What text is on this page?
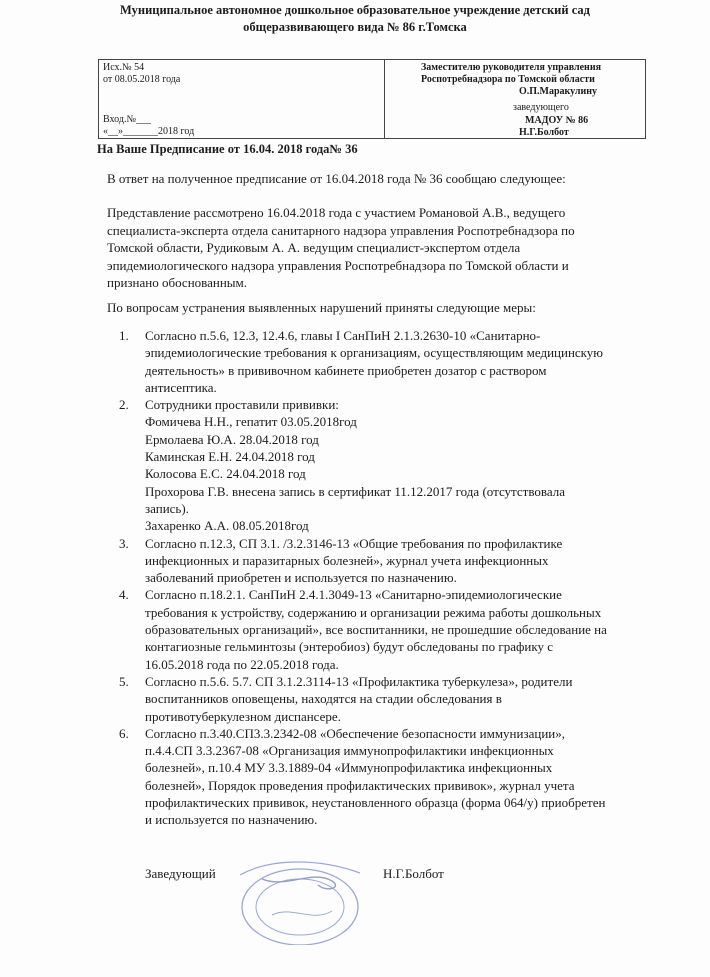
Муниципальное автономное дошкольное образовательное учреждение детский сад
общеразвивающего вида № 86 г.Томска
Исх.№ 54
от 08.05.2018 года
Вход.№___
«__»_______2018 год
Заместителю руководителя управления
Роспотребнадзора по Томской области
О.П.Маракулину
заведующего
МАДОУ № 86
Н.Г.Болбот
На Ваше Предписание от 16.04. 2018 года№ 36
В ответ на полученное предписание от 16.04.2018 года № 36 сообщаю следующее:
Представление рассмотрено 16.04.2018 года с участием Романовой А.В., ведущего
специалиста-эксперта отдела санитарного надзора управления Роспотребнадзора по
Томской области, Рудиковым А. А. ведущим специалист-экспертом отдела
эпидемиологического надзора управления Роспотребнадзора по Томской области и
признано обоснованным.
По вопросам устранения выявленных нарушений приняты следующие меры:
1. Согласно п.5.6, 12.3, 12.4.6, главы I СанПиН 2.1.3.2630-10 «Санитарно-
эпидемиологические требования к организациям, осуществляющим медицинскую
деятельность» в прививочном кабинете приобретен дозатор с раствором
антисептика.
2. Сотрудники проставили прививки:
Фомичева Н.Н., гепатит 03.05.2018год
Ермолаева Ю.А. 28.04.2018 год
Каминская Е.Н. 24.04.2018 год
Колосова Е.С. 24.04.2018 год
Прохорова Г.В. внесена запись в сертификат 11.12.2017 года (отсутствовала
запись).
Захаренко А.А. 08.05.2018год
3. Согласно п.12.3, СП 3.1. /3.2.3146-13 «Общие требования по профилактике
инфекционных и паразитарных болезней», журнал учета инфекционных
заболеваний приобретен и используется по назначению.
4. Согласно п.18.2.1. СанПиН 2.4.1.3049-13 «Санитарно-эпидемиологические
требования к устройству, содержанию и организации режима работы дошкольных
образовательных организаций», все воспитанники, не прошедшие обследование на
контагиозные гельминтозы (энтеробиоз) будут обследованы по графику с
16.05.2018 года по 22.05.2018 года.
5. Согласно п.5.6. 5.7. СП 3.1.2.3114-13 «Профилактика туберкулеза», родители
воспитанников оповещены, находятся на стадии обследования в
противотуберкулезном диспансере.
6. Согласно п.3.40.СП3.3.2342-08 «Обеспечение безопасности иммунизации»,
п.4.4.СП 3.3.2367-08 «Организация иммунопрофилактики инфекционных
болезней», п.10.4 МУ 3.3.1889-04 «Иммунопрофилактика инфекционных
болезней», Порядок проведения профилактических прививок», журнал учета
профилактических прививок, неустановленного образца (форма 064/у) приобретен
и используется по назначению.
Заведующий	Н.Г.Болбот
